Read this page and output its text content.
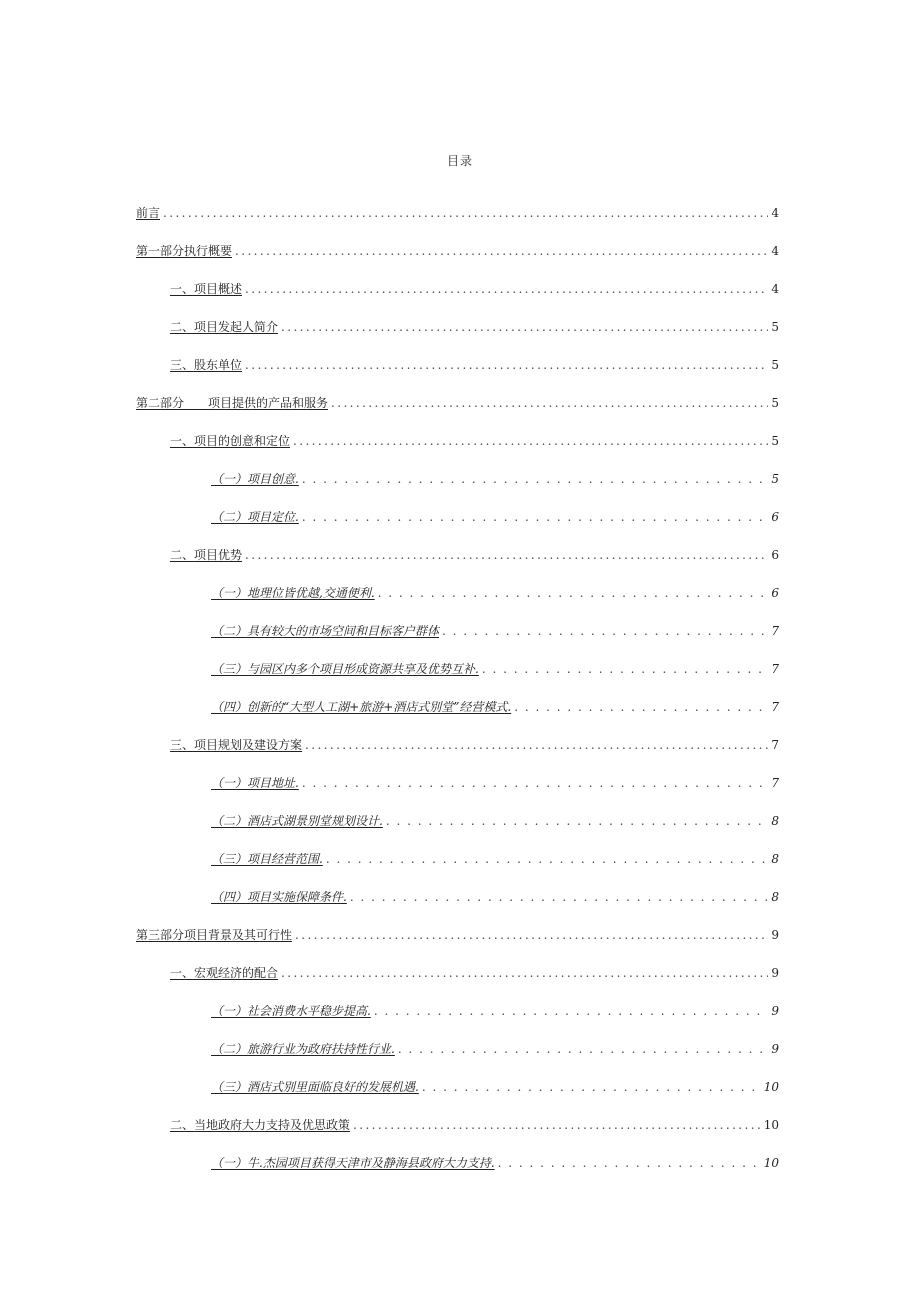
目录
前言 .....	4
第一部分执行概要 .....	4
一、项目概述 .....	4
二、项目发起人简介 .....	5
三、股东单位 .....	5
第二部分　　项目提供的产品和服务 .....	5
一、项目的创意和定位 .....	5
（一）项目创意. . . .	5
（二）项目定位. . . .	6
二、项目优势 .....	6
（一）地理位皆优越,交通便利. . . .	6
（二）具有较大的市场空间和目标客户群体 . . .	7
（三）与园区内多个项目形成资源共享及优势互补. . . .	7
（四）创新的“大型人工湖+旅游+酒店式别堂”经营模式. . . .	7
三、项目规划及建设方案 .....	7
（一）项目地址. . . .	7
（二）酒店式湖景别堂规划设计. . . .	8
（三）项目经营范围. . . .	8
（四）项目实施保障条件. . . .	8
第三部分项目背景及其可行性 .....	9
一、宏观经济的配合 .....	9
（一）社会消费水平稳步提高. . . .	9
（二）旅游行业为政府扶持性行业. . . .	9
（三）酒店式别里面临良好的发展机遇. . . .	10
二、当地政府大力支持及优思政策 .....	10
（一）牛.杰园项目获得天津市及静海县政府大力支持. . . .	10
